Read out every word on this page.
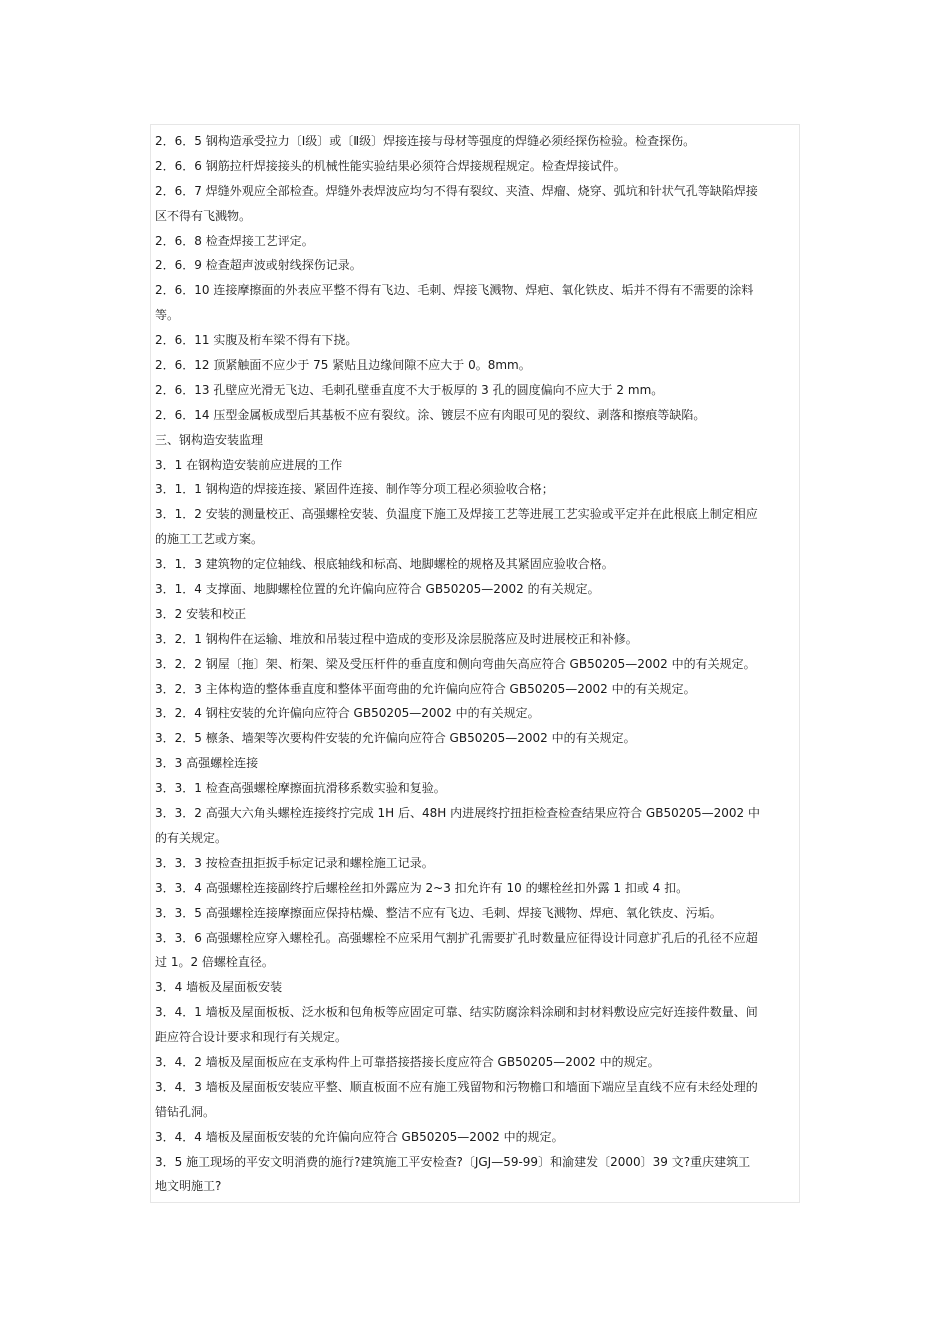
2．6．5 钢构造承受拉力〔Ⅰ级〕或〔Ⅱ级〕焊接连接与母材等强度的焊缝必须经探伤检验。检查探伤。
2．6．6 钢筋拉杆焊接接头的机械性能实验结果必须符合焊接规程规定。检查焊接试件。
2．6．7 焊缝外观应全部检查。焊缝外表焊波应均匀不得有裂纹、夹渣、焊瘤、烧穿、弧坑和针状气孔等缺陷焊接
区不得有飞溅物。
2．6．8 检查焊接工艺评定。
2．6．9 检查超声波或射线探伤记录。
2．6．10 连接摩擦面的外表应平整不得有飞边、毛刺、焊接飞溅物、焊疤、氧化铁皮、垢并不得有不需要的涂料
等。
2．6．11 实腹及桁车梁不得有下挠。
2．6．12 顶紧触面不应少于 75 紧贴且边缘间隙不应大于 0。8mm。
2．6．13 孔壁应光滑无飞边、毛刺孔壁垂直度不大于板厚的 3 孔的圆度偏向不应大于 2 mm。
2．6．14 压型金属板成型后其基板不应有裂纹。涂、镀层不应有肉眼可见的裂纹、剥落和擦痕等缺陷。
三、钢构造安装监理
3．1 在钢构造安装前应进展的工作
3．1．1 钢构造的焊接连接、紧固件连接、制作等分项工程必须验收合格；
3．1．2 安装的测量校正、高强螺栓安装、负温度下施工及焊接工艺等进展工艺实验或平定并在此根底上制定相应
的施工工艺或方案。
3．1．3 建筑物的定位轴线、根底轴线和标高、地脚螺栓的规格及其紧固应验收合格。
3．1．4 支撑面、地脚螺栓位置的允许偏向应符合 GB50205—2002 的有关规定。
3．2 安装和校正
3．2．1 钢构件在运输、堆放和吊装过程中造成的变形及涂层脱落应及时进展校正和补修。
3．2．2 钢屋〔拖〕架、桁架、梁及受压杆件的垂直度和侧向弯曲矢高应符合 GB50205—2002 中的有关规定。
3．2．3 主体构造的整体垂直度和整体平面弯曲的允许偏向应符合 GB50205—2002 中的有关规定。
3．2．4 钢柱安装的允许偏向应符合 GB50205—2002 中的有关规定。
3．2．5 檩条、墙架等次要构件安装的允许偏向应符合 GB50205—2002 中的有关规定。
3．3 高强螺栓连接
3．3．1 检查高强螺栓摩擦面抗滑移系数实验和复验。
3．3．2 高强大六角头螺栓连接终拧完成 1H 后、48H 内进展终拧扭拒检查检查结果应符合 GB50205—2002 中
的有关规定。
3．3．3 按检查扭拒扳手标定记录和螺栓施工记录。
3．3．4 高强螺栓连接副终拧后螺栓丝扣外露应为 2~3 扣允许有 10 的螺栓丝扣外露 1 扣或 4 扣。
3．3．5 高强螺栓连接摩擦面应保持枯燥、整洁不应有飞边、毛刺、焊接飞溅物、焊疤、氧化铁皮、污垢。
3．3．6 高强螺栓应穿入螺栓孔。高强螺栓不应采用气割扩孔需要扩孔时数量应征得设计同意扩孔后的孔径不应超
过 1。2 倍螺栓直径。
3．4 墙板及屋面板安装
3．4．1 墙板及屋面板板、泛水板和包角板等应固定可靠、结实防腐涂料涂刷和封材料敷设应完好连接件数量、间
距应符合设计要求和现行有关规定。
3．4．2 墙板及屋面板应在支承构件上可靠搭接搭接长度应符合 GB50205—2002 中的规定。
3．4．3 墙板及屋面板安装应平整、顺直板面不应有施工残留物和污物檐口和墙面下端应呈直线不应有未经处理的
错钻孔洞。
3．4．4 墙板及屋面板安装的允许偏向应符合 GB50205—2002 中的规定。
3．5 施工现场的平安文明消费的施行?建筑施工平安检查?〔JGJ—59-99〕和渝建发〔2000〕39 文?重庆建筑工
地文明施工?
